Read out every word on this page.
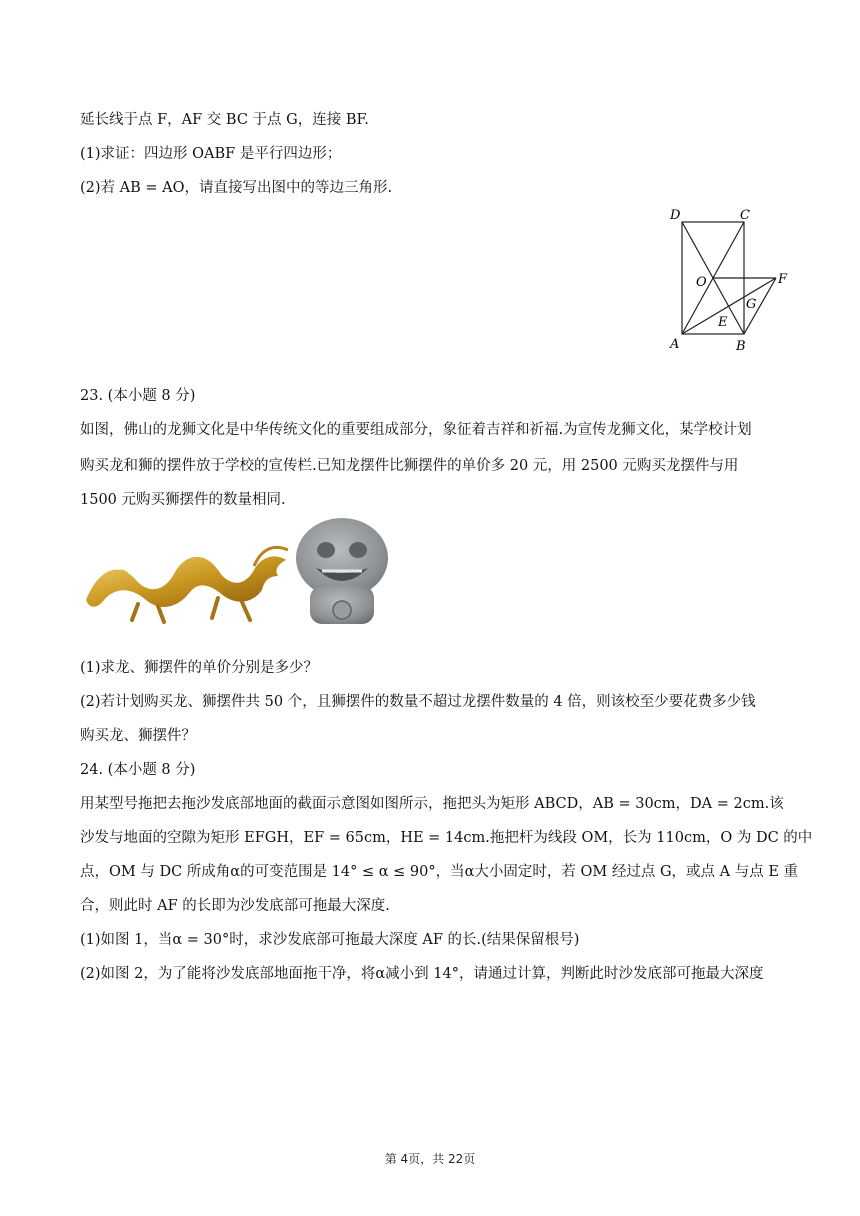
延长线于点 F，AF 交 BC 于点 G，连接 BF.
(1)求证：四边形 OABF 是平行四边形；
(2)若 AB = AO，请直接写出图中的等边三角形.
D	C
O	F
G
E
A	B
23. (本小题 8 分)
如图，佛山的龙狮文化是中华传统文化的重要组成部分，象征着吉祥和祈福.为宣传龙狮文化，某学校计划
购买龙和狮的摆件放于学校的宣传栏.已知龙摆件比狮摆件的单价多 20 元，用 2500 元购买龙摆件与用
1500 元购买狮摆件的数量相同.
(1)求龙、狮摆件的单价分别是多少？
(2)若计划购买龙、狮摆件共 50 个，且狮摆件的数量不超过龙摆件数量的 4 倍，则该校至少要花费多少钱
购买龙、狮摆件？
24. (本小题 8 分)
用某型号拖把去拖沙发底部地面的截面示意图如图所示，拖把头为矩形 ABCD，AB = 30cm，DA = 2cm.该
沙发与地面的空隙为矩形 EFGH，EF = 65cm，HE = 14cm.拖把杆为线段 OM，长为 110cm，O 为 DC 的中
点，OM 与 DC 所成角α的可变范围是 14° ≤ α ≤ 90°，当α大小固定时，若 OM 经过点 G，或点 A 与点 E 重
合，则此时 AF 的长即为沙发底部可拖最大深度.
(1)如图 1，当α = 30°时，求沙发底部可拖最大深度 AF 的长.(结果保留根号)
(2)如图 2，为了能将沙发底部地面拖干净，将α减小到 14°，请通过计算，判断此时沙发底部可拖最大深度
第 4页，共 22页
